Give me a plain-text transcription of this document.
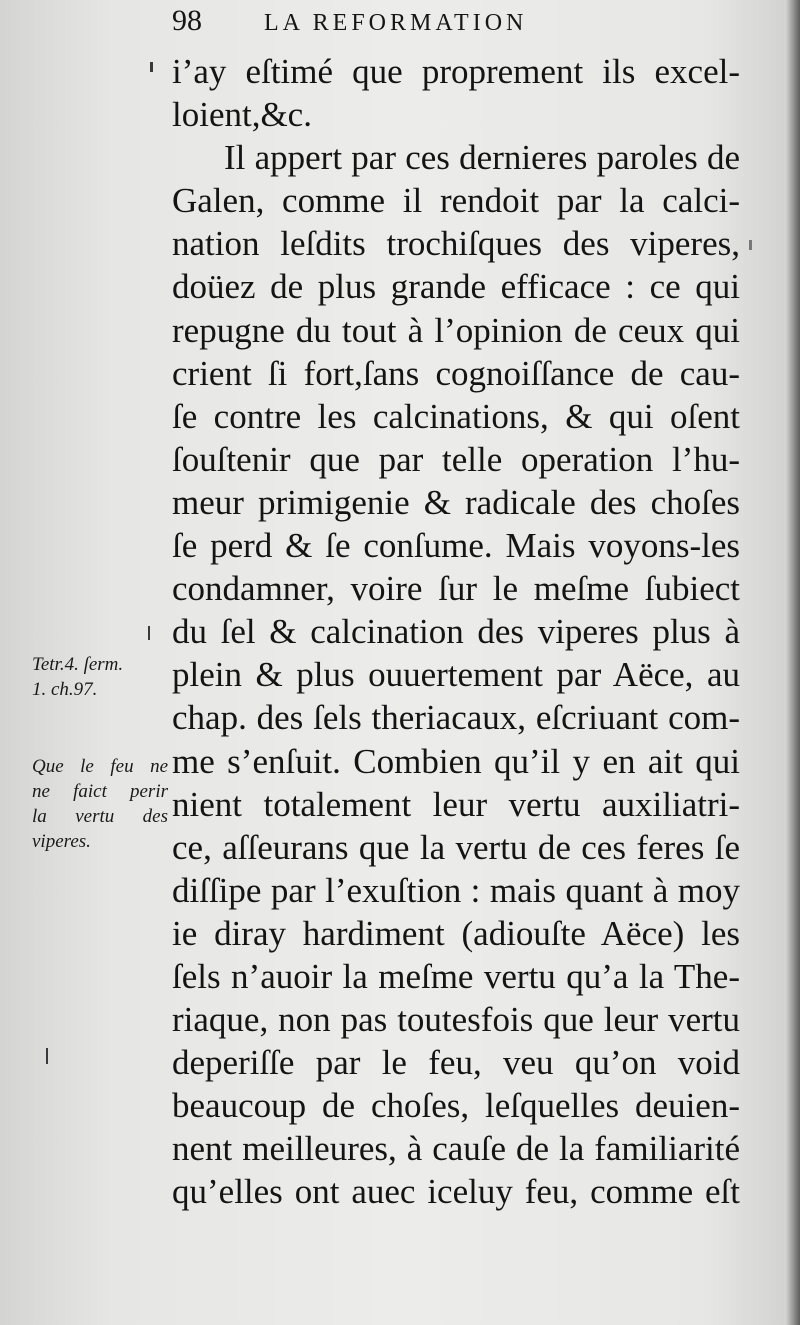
98	LA REFORMATION
i’ay eſtimé que proprement ils excel-
loient,&c.
Il appert par ces dernieres paroles de
Galen, comme il rendoit par la calci-
nation leſdits trochiſques des viperes,
doüez de plus grande efficace : ce qui
repugne du tout à l’opinion de ceux qui
crient ſi fort,ſans cognoiſſance de cau-
ſe contre les calcinations, & qui oſent
ſouſtenir que par telle operation l’hu-
meur primigenie & radicale des choſes
ſe perd & ſe conſume. Mais voyons-les
condamner, voire ſur le meſme ſubiect
du ſel & calcination des viperes plus à
plein & plus ouuertement par Aëce, au
chap. des ſels theriacaux, eſcriuant com-
me s’enſuit. Combien qu’il y en ait qui
nient totalement leur vertu auxiliatri-
ce, aſſeurans que la vertu de ces feres ſe
diſſipe par l’exuſtion : mais quant à moy
ie diray hardiment (adiouſte Aëce) les
ſels n’auoir la meſme vertu qu’a la The-
riaque, non pas toutesfois que leur vertu
deperiſſe par le feu, veu qu’on void
beaucoup de choſes, leſquelles deuien-
nent meilleures, à cauſe de la familiarité
qu’elles ont auec iceluy feu, comme eſt
Tetr.4. ſerm.
1. ch.97.
Que le feu ne
ne faict perir
la vertu des
viperes.
